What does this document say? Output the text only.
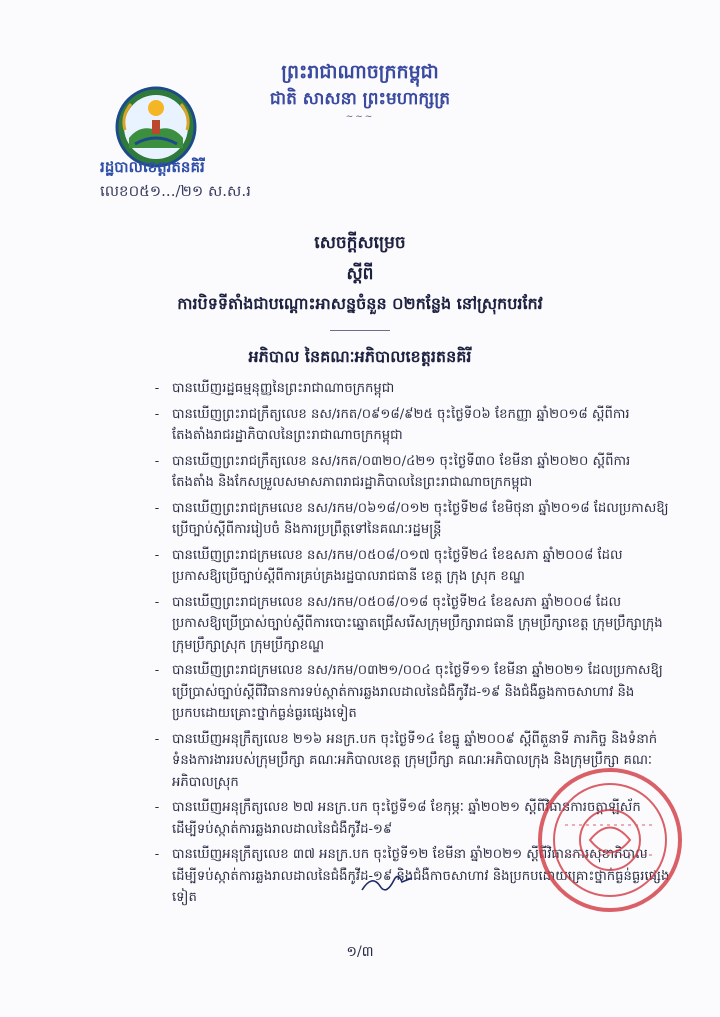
ព្រះរាជាណាចក្រកម្ពុជា
ជាតិ សាសនា ព្រះមហាក្សត្រ
~~~
រដ្ឋបាលខេត្តរតនគិរី
លេខ០៥១.../២១ ស.ស.រ
សេចក្ដីសម្រេច
ស្ដីពី
ការបិទទីតាំងជាបណ្ដោះអាសន្នចំនួន ០២កន្លែង នៅស្រុកបរកែវ
អភិបាល នៃគណៈអភិបាលខេត្តរតនគិរី
- បានឃើញរដ្ឋធម្មនុញ្ញនៃព្រះរាជាណាចក្រកម្ពុជា
- បានឃើញព្រះរាជក្រឹត្យលេខ នស/រកត/០៩១៨/៩២៥ ចុះថ្ងៃទី០៦ ខែកញ្ញា ឆ្នាំ២០១៨ ស្ដីពីការតែងតាំងរាជរដ្ឋាភិបាលនៃព្រះរាជាណាចក្រកម្ពុជា
- បានឃើញព្រះរាជក្រឹត្យលេខ នស/រកត/០៣២០/៤២១ ចុះថ្ងៃទី៣០ ខែមីនា ឆ្នាំ២០២០ ស្ដីពីការតែងតាំង និងកែសម្រួលសមាសភាពរាជរដ្ឋាភិបាលនៃព្រះរាជាណាចក្រកម្ពុជា
- បានឃើញព្រះរាជក្រមលេខ នស/រកម/០៦១៨/០១២ ចុះថ្ងៃទី២៨ ខែមិថុនា ឆ្នាំ២០១៨ ដែលប្រកាសឱ្យប្រើច្បាប់ស្ដីពីការរៀបចំ និងការប្រព្រឹត្តទៅនៃគណៈរដ្ឋមន្ត្រី
- បានឃើញព្រះរាជក្រមលេខ នស/រកម/០៥០៨/០១៧ ចុះថ្ងៃទី២៤ ខែឧសភា ឆ្នាំ២០០៨ ដែលប្រកាសឱ្យប្រើច្បាប់ស្ដីពីការគ្រប់គ្រងរដ្ឋបាលរាជធានី ខេត្ត ក្រុង ស្រុក ខណ្ឌ
- បានឃើញព្រះរាជក្រមលេខ នស/រកម/០៥០៨/០១៨ ចុះថ្ងៃទី២៤ ខែឧសភា ឆ្នាំ២០០៨ ដែលប្រកាសឱ្យប្រើប្រាស់ច្បាប់ស្ដីពីការបោះឆ្នោតជ្រើសរើសក្រុមប្រឹក្សារាជធានី ក្រុមប្រឹក្សាខេត្ត ក្រុមប្រឹក្សាក្រុង ក្រុមប្រឹក្សាស្រុក ក្រុមប្រឹក្សាខណ្ឌ
- បានឃើញព្រះរាជក្រមលេខ នស/រកម/០៣២១/០០៤ ចុះថ្ងៃទី១១ ខែមីនា ឆ្នាំ២០២១ ដែលប្រកាសឱ្យប្រើប្រាស់ច្បាប់ស្ដីពីវិធានការទប់ស្កាត់ការឆ្លងរាលដាលនៃជំងឺកូវីដ-១៩ និងជំងឺឆ្លងកាចសាហាវ និងប្រកបដោយគ្រោះថ្នាក់ធ្ងន់ធ្ងរផ្សេងទៀត
- បានឃើញអនុក្រឹត្យលេខ ២១៦ អនក្រ.បក ចុះថ្ងៃទី១៤ ខែធ្នូ ឆ្នាំ២០០៩ ស្ដីពីតួនាទី ភារកិច្ច និងទំនាក់ទំនងការងាររបស់ក្រុមប្រឹក្សា គណៈអភិបាលខេត្ត ក្រុមប្រឹក្សា គណៈអភិបាលក្រុង និងក្រុមប្រឹក្សា គណៈអភិបាលស្រុក
- បានឃើញអនុក្រឹត្យលេខ ២៧ អនក្រ.បក ចុះថ្ងៃទី១៨ ខែកុម្ភៈ ឆ្នាំ២០២១ ស្ដីពីវិធានការចត្តាឡីស័កដើម្បីទប់ស្កាត់ការឆ្លងរាលដាលនៃជំងឺកូវីដ-១៩
- បានឃើញអនុក្រឹត្យលេខ ៣៧ អនក្រ.បក ចុះថ្ងៃទី១២ ខែមីនា ឆ្នាំ២០២១ ស្ដីពីវិធានការសុខាភិបាល ដើម្បីទប់ស្កាត់ការឆ្លងរាលដាលនៃជំងឺកូវីដ-១៩ និងជំងឺកាចសាហាវ និងប្រកបដោយគ្រោះថ្នាក់ធ្ងន់ធ្ងរផ្សេងទៀត
១/៣
